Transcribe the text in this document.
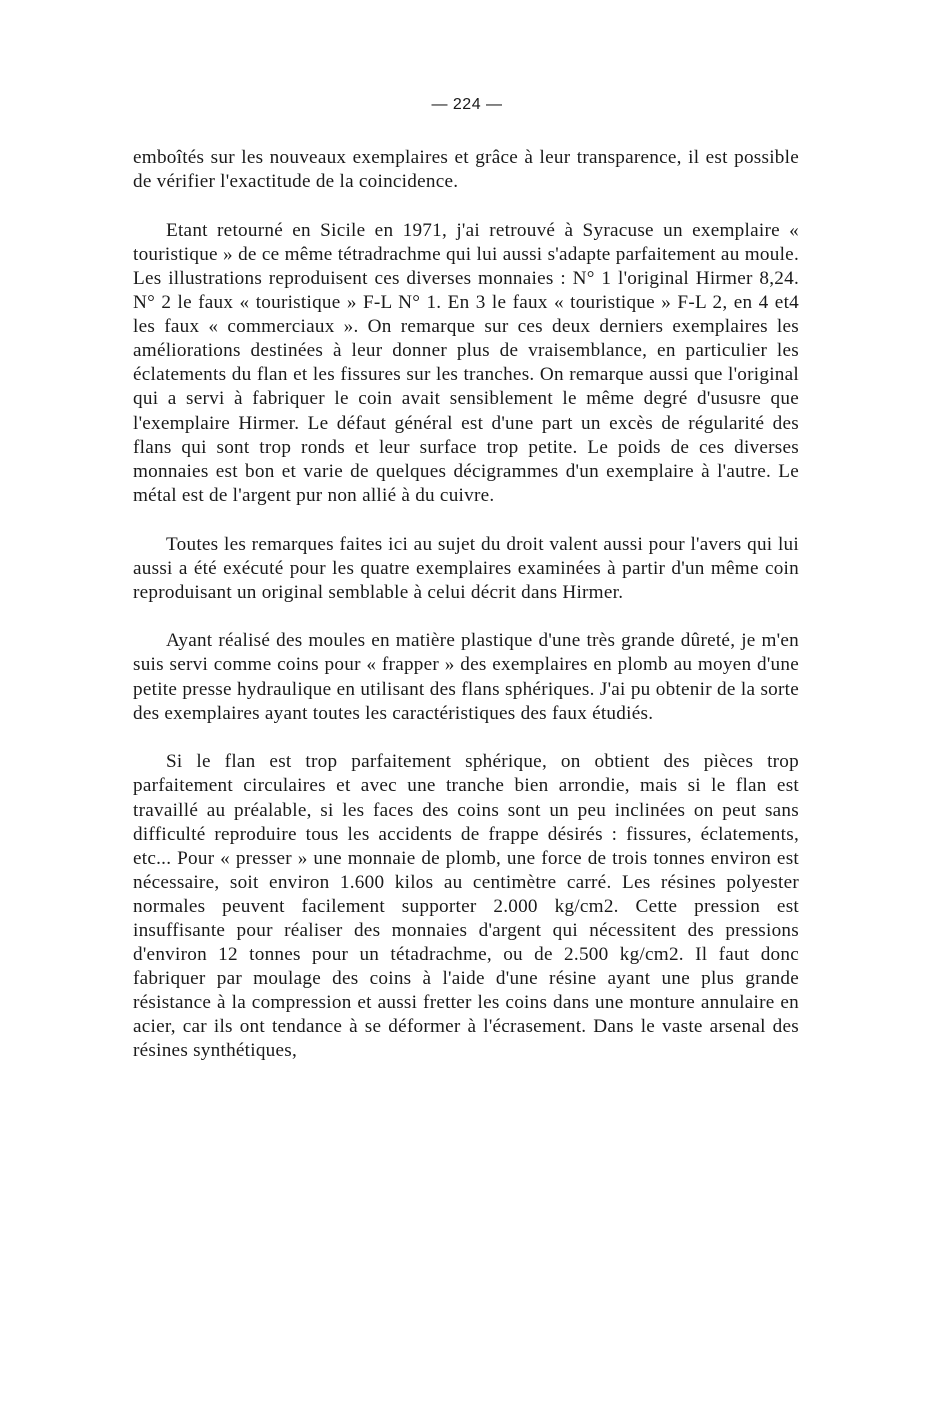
— 224 —

emboîtés sur les nouveaux exemplaires et grâce à leur transparence, il est possible de vérifier l'exactitude de la coincidence.

Etant retourné en Sicile en 1971, j'ai retrouvé à Syracuse un exemplaire « touristique » de ce même tétradrachme qui lui aussi s'adapte parfaitement au moule. Les illustrations reproduisent ces diverses monnaies : N° 1 l'original Hirmer 8,24. N° 2 le faux « touristique » F-L N° 1. En 3 le faux « touristique » F-L 2, en 4 et4 les faux « commerciaux ». On remarque sur ces deux derniers exemplaires les améliorations destinées à leur donner plus de vraisemblance, en particulier les éclatements du flan et les fissures sur les tranches. On remarque aussi que l'original qui a servi à fabriquer le coin avait sensiblement le même degré d'ususre que l'exemplaire Hirmer. Le défaut général est d'une part un excès de régularité des flans qui sont trop ronds et leur surface trop petite. Le poids de ces diverses monnaies est bon et varie de quelques décigrammes d'un exemplaire à l'autre. Le métal est de l'argent pur non allié à du cuivre.

Toutes les remarques faites ici au sujet du droit valent aussi pour l'avers qui lui aussi a été exécuté pour les quatre exemplaires examinées à partir d'un même coin reproduisant un original semblable à celui décrit dans Hirmer.

Ayant réalisé des moules en matière plastique d'une très grande dûreté, je m'en suis servi comme coins pour « frapper » des exemplaires en plomb au moyen d'une petite presse hydraulique en utilisant des flans sphériques. J'ai pu obtenir de la sorte des exemplaires ayant toutes les caractéristiques des faux étudiés.

Si le flan est trop parfaitement sphérique, on obtient des pièces trop parfaitement circulaires et avec une tranche bien arrondie, mais si le flan est travaillé au préalable, si les faces des coins sont un peu inclinées on peut sans difficulté reproduire tous les accidents de frappe désirés : fissures, éclatements, etc... Pour « presser » une monnaie de plomb, une force de trois tonnes environ est nécessaire, soit environ 1.600 kilos au centimètre carré. Les résines polyester normales peuvent facilement supporter 2.000 kg/cm2. Cette pression est insuffisante pour réaliser des monnaies d'argent qui nécessitent des pressions d'environ 12 tonnes pour un tétadrachme, ou de 2.500 kg/cm2. Il faut donc fabriquer par moulage des coins à l'aide d'une résine ayant une plus grande résistance à la compression et aussi fretter les coins dans une monture annulaire en acier, car ils ont tendance à se déformer à l'écrasement. Dans le vaste arsenal des résines synthétiques,
